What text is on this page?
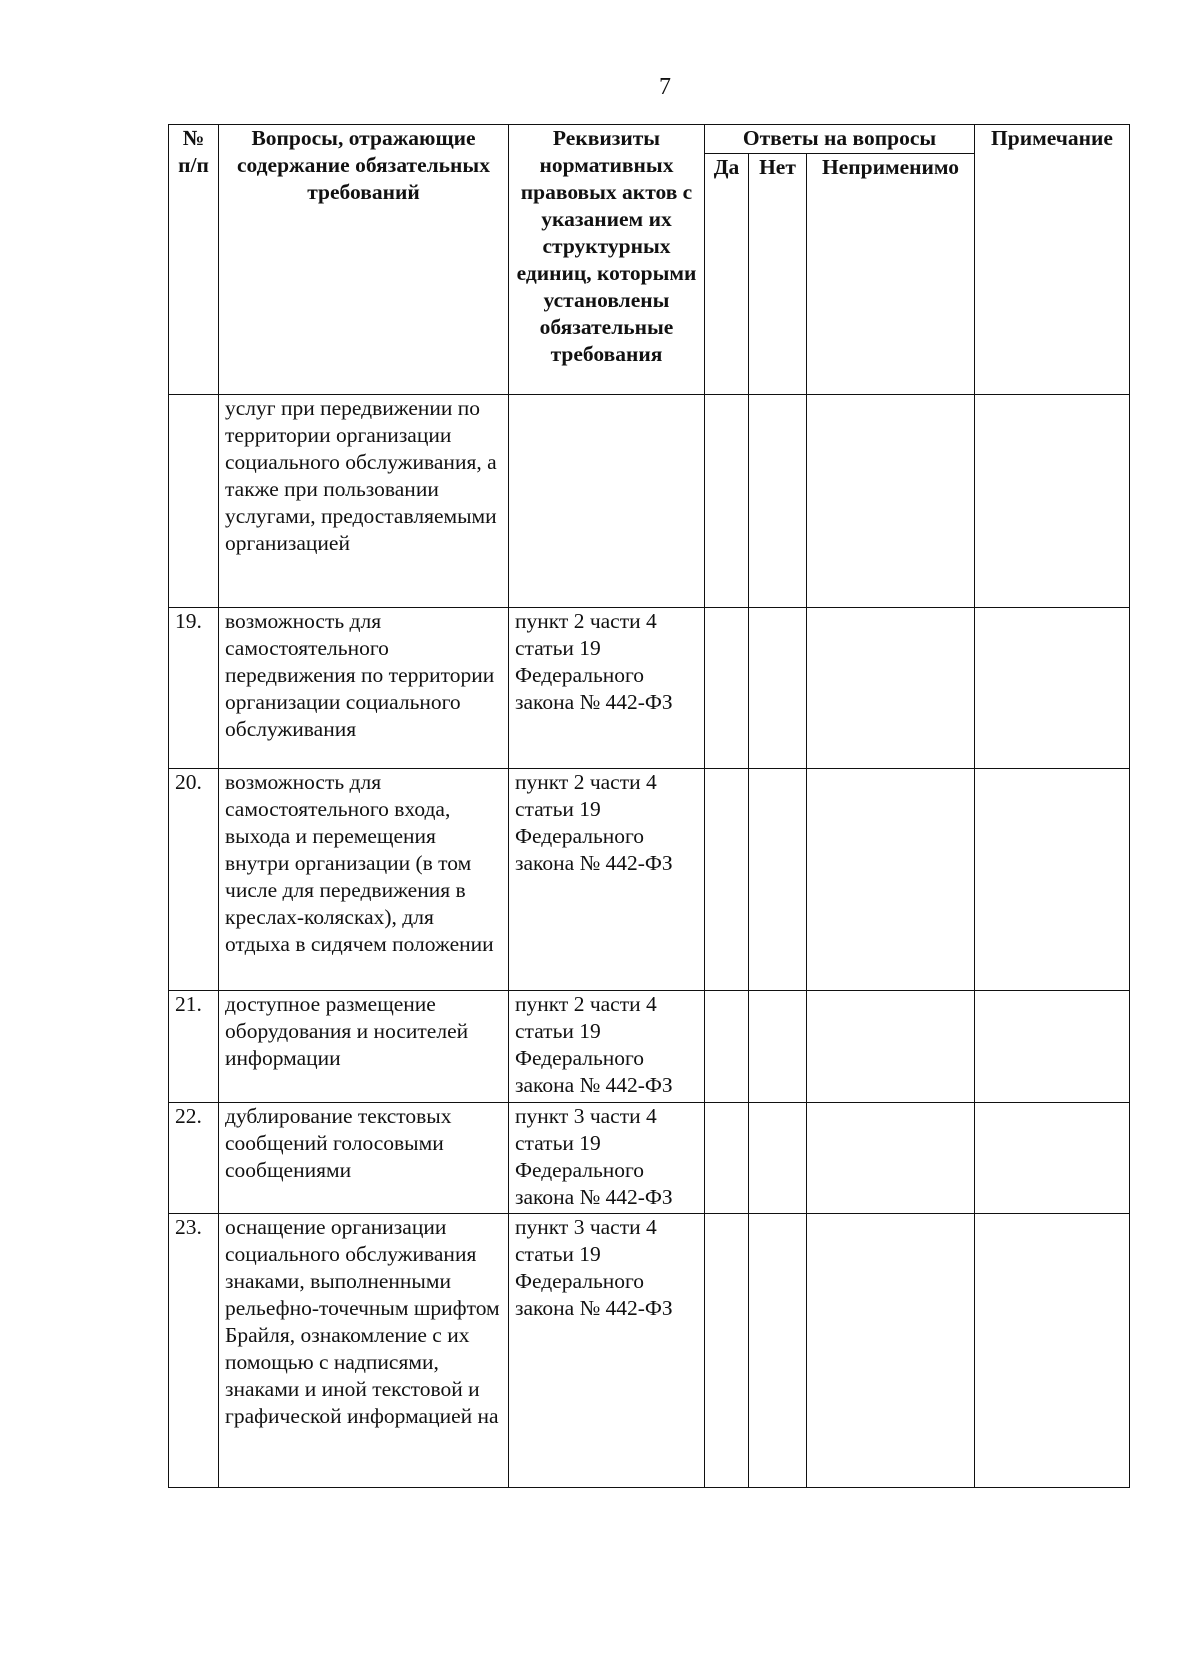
7
№ п/п	Вопросы, отражающие содержание обязательных требований	Реквизиты нормативных правовых актов с указанием их структурных единиц, которыми установлены обязательные требования	Ответы на вопросы			Примечание
			Да	Нет	Неприменимо	
	услуг при передвижении по территории организации социального обслуживания, а также при пользовании услугами, предоставляемыми организацией					
19.	возможность для самостоятельного передвижения по территории организации социального обслуживания	пункт 2 части 4 статьи 19 Федерального закона № 442-ФЗ				
20.	возможность для самостоятельного входа, выхода и перемещения внутри организации (в том числе для передвижения в креслах-колясках), для отдыха в сидячем положении	пункт 2 части 4 статьи 19 Федерального закона № 442-ФЗ				
21.	доступное размещение оборудования и носителей информации	пункт 2 части 4 статьи 19 Федерального закона № 442-ФЗ				
22.	дублирование текстовых сообщений голосовыми сообщениями	пункт 3 части 4 статьи 19 Федерального закона № 442-ФЗ				
23.	оснащение организации социального обслуживания знаками, выполненными рельефно-точечным шрифтом Брайля, ознакомление с их помощью с надписями, знаками и иной текстовой и графической информацией на	пункт 3 части 4 статьи 19 Федерального закона № 442-ФЗ				
